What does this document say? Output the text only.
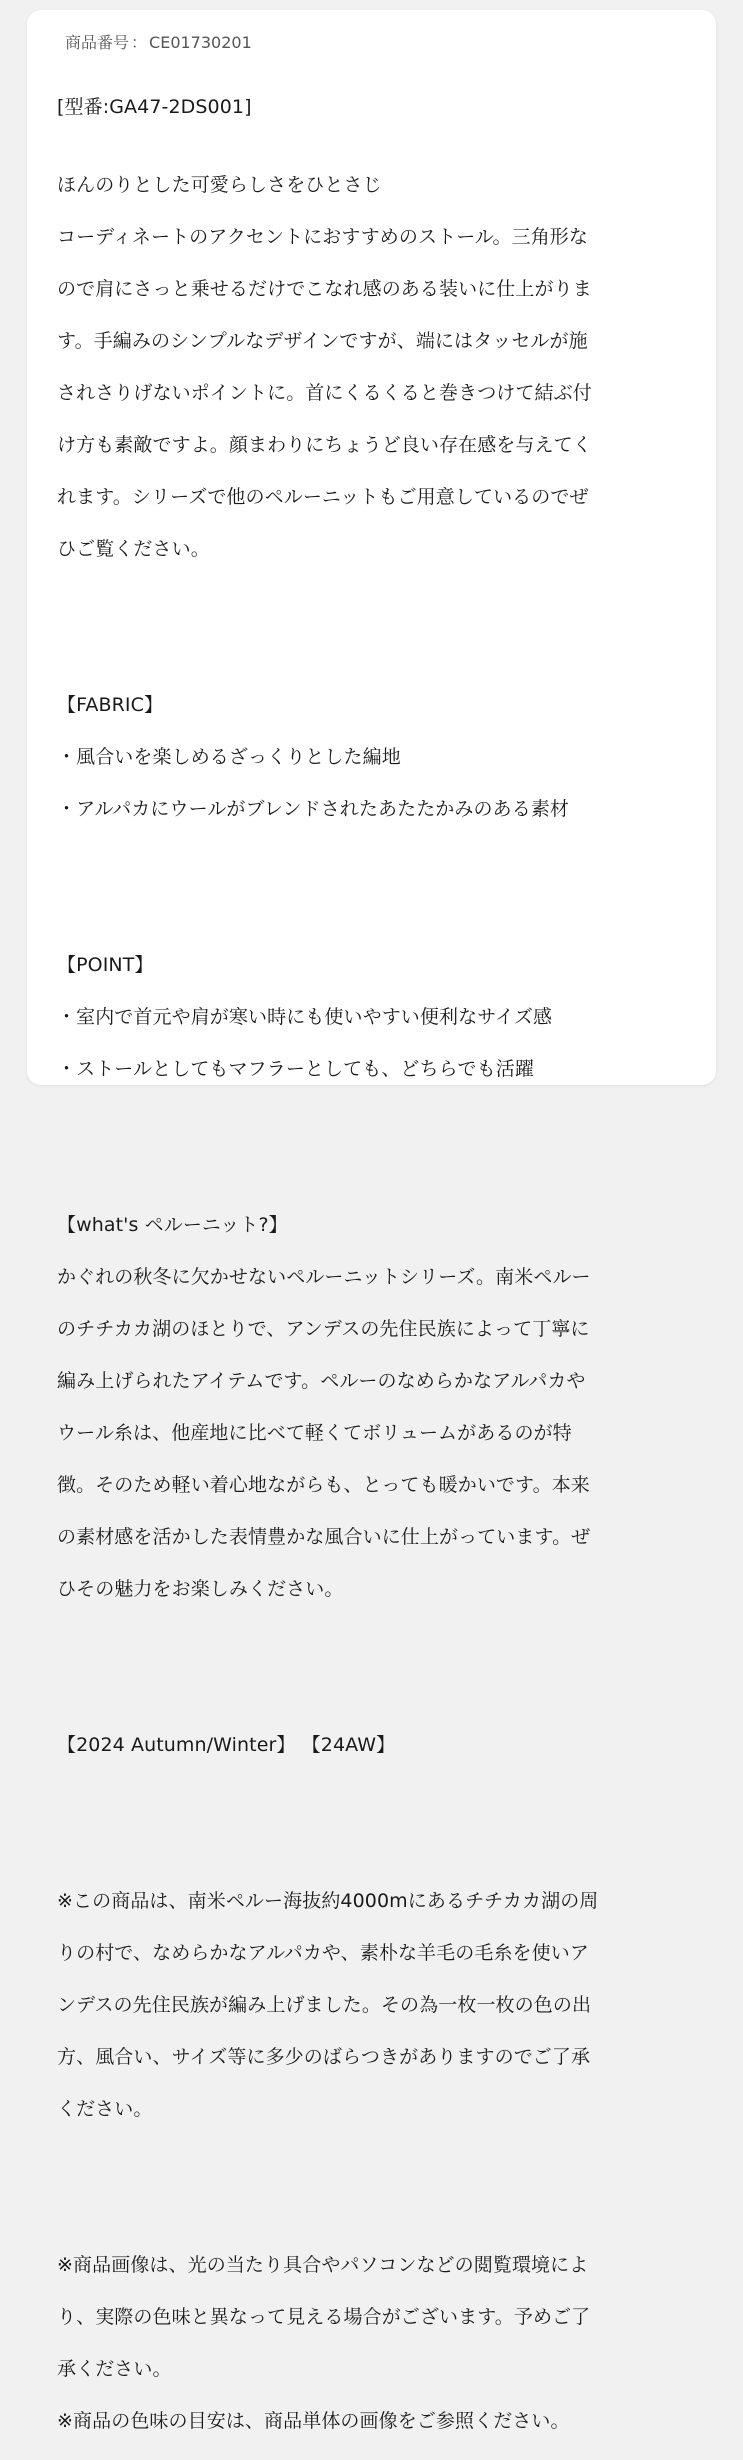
商品番号 ： CE01730201

[型番:GA47-2DS001]

ほんのりとした可愛らしさをひとさじ

コーディネートのアクセントにおすすめのストール。三角形な

ので肩にさっと乗せるだけでこなれ感のある装いに仕上がりま

す。手編みのシンプルなデザインですが、端にはタッセルが施

されさりげないポイントに。首にくるくると巻きつけて結ぶ付

け方も素敵ですよ。顔まわりにちょうど良い存在感を与えてく

れます。シリーズで他のペルーニットもご用意しているのでぜ

ひご覧ください。

【FABRIC】

・風合いを楽しめるざっくりとした編地

・アルパカにウールがブレンドされたあたたかみのある素材

【POINT】

・室内で首元や肩が寒い時にも使いやすい便利なサイズ感

・ストールとしてもマフラーとしても、どちらでも活躍

【what's ペルーニット?】

かぐれの秋冬に欠かせないペルーニットシリーズ。南米ペルー

のチチカカ湖のほとりで、アンデスの先住民族によって丁寧に

編み上げられたアイテムです。ペルーのなめらかなアルパカや

ウール糸は、他産地に比べて軽くてボリュームがあるのが特

徴。そのため軽い着心地ながらも、とっても暖かいです。本来

の素材感を活かした表情豊かな風合いに仕上がっています。ぜ

ひその魅力をお楽しみください。

【2024 Autumn/Winter】 【24AW】

※この商品は、南米ペルー海抜約4000mにあるチチカカ湖の周

りの村で、なめらかなアルパカや、素朴な羊毛の毛糸を使いア

ンデスの先住民族が編み上げました。その為一枚一枚の色の出

方、風合い、サイズ等に多少のばらつきがありますのでご了承

ください。

※商品画像は、光の当たり具合やパソコンなどの閲覧環境によ

り、実際の色味と異なって見える場合がございます。予めご了

承ください。

※商品の色味の目安は、商品単体の画像をご参照ください。
